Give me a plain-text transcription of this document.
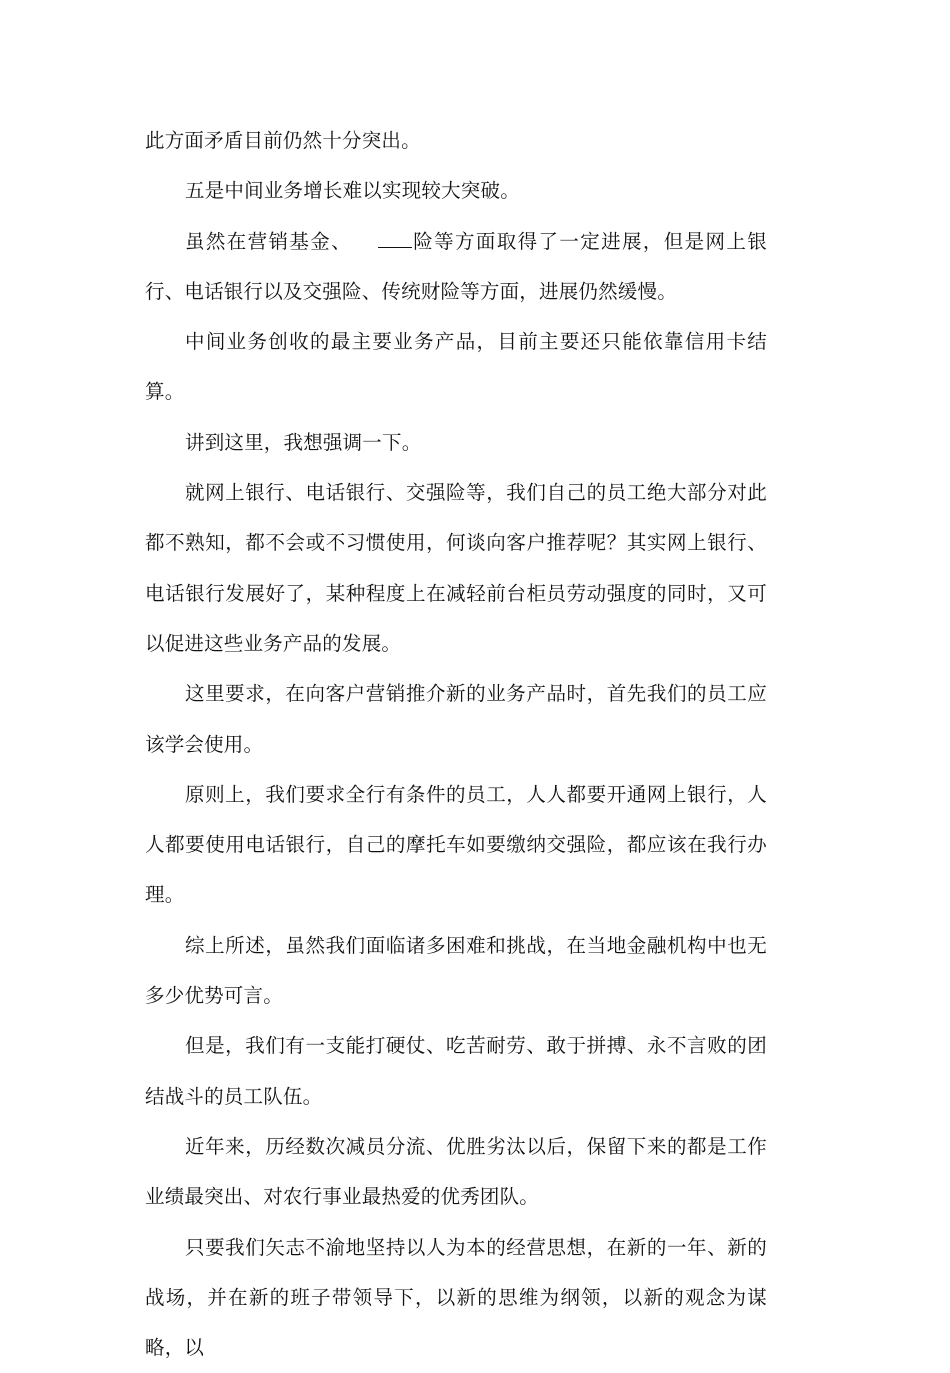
此方面矛盾目前仍然十分突出。

五是中间业务增长难以实现较大突破。

虽然在营销基金、	险等方面取得了一定进展，但是网上银行、电话银行以及交强险、传统财险等方面，进展仍然缓慢。

中间业务创收的最主要业务产品，目前主要还只能依靠信用卡结算。

讲到这里，我想强调一下。

就网上银行、电话银行、交强险等，我们自己的员工绝大部分对此都不熟知，都不会或不习惯使用，何谈向客户推荐呢？其实网上银行、电话银行发展好了，某种程度上在减轻前台柜员劳动强度的同时，又可以促进这些业务产品的发展。

这里要求，在向客户营销推介新的业务产品时，首先我们的员工应该学会使用。

原则上，我们要求全行有条件的员工，人人都要开通网上银行，人人都要使用电话银行，自己的摩托车如要缴纳交强险，都应该在我行办理。

综上所述，虽然我们面临诸多困难和挑战，在当地金融机构中也无多少优势可言。

但是，我们有一支能打硬仗、吃苦耐劳、敢于拼搏、永不言败的团结战斗的员工队伍。

近年来，历经数次减员分流、优胜劣汰以后，保留下来的都是工作业绩最突出、对农行事业最热爱的优秀团队。

只要我们矢志不渝地坚持以人为本的经营思想，在新的一年、新的战场，并在新的班子带领导下，以新的思维为纲领，以新的观念为谋略，以
